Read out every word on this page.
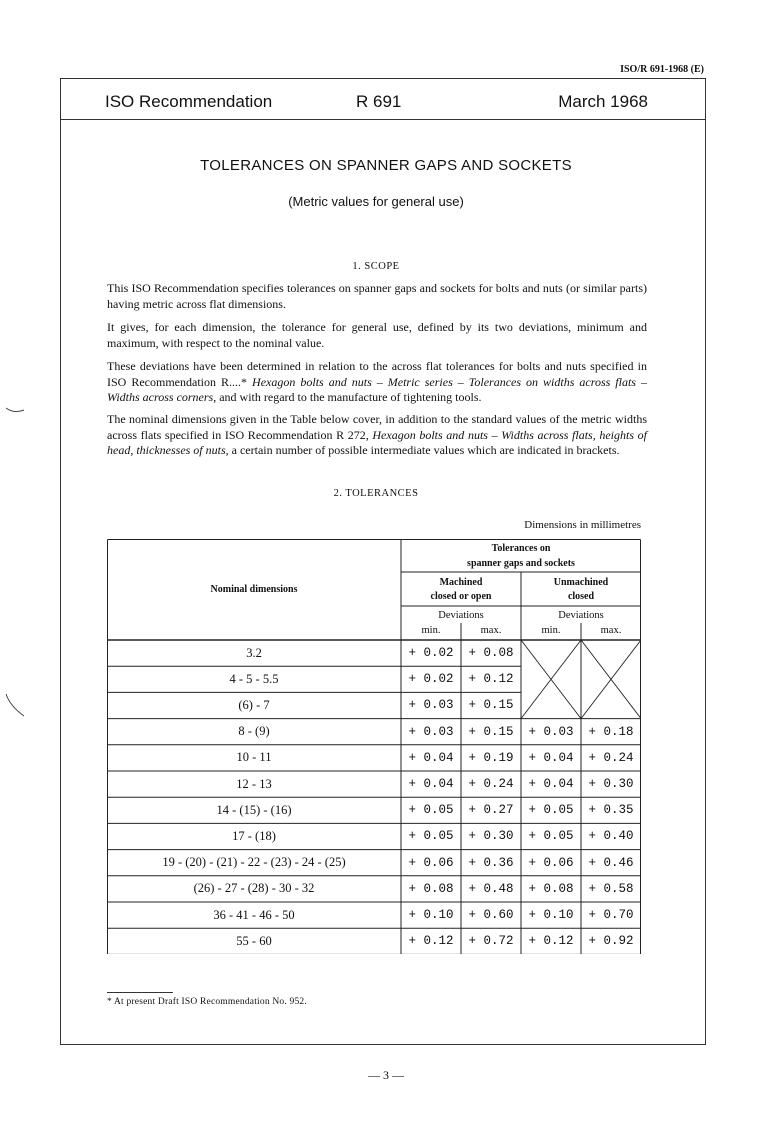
ISO/R 691-1968 (E)
ISO Recommendation	R 691	March 1968
TOLERANCES ON SPANNER GAPS AND SOCKETS
(Metric values for general use)
1. SCOPE
This ISO Recommendation specifies tolerances on spanner gaps and sockets for bolts and nuts (or similar parts) having metric across flat dimensions.
It gives, for each dimension, the tolerance for general use, defined by its two deviations, minimum and maximum, with respect to the nominal value.
These deviations have been determined in relation to the across flat tolerances for bolts and nuts specified in ISO Recommendation R....* Hexagon bolts and nuts – Metric series – Tolerances on widths across flats – Widths across corners, and with regard to the manufacture of tightening tools.
The nominal dimensions given in the Table below cover, in addition to the standard values of the metric widths across flats specified in ISO Recommendation R 272, Hexagon bolts and nuts – Widths across flats, heights of head, thicknesses of nuts, a certain number of possible intermediate values which are indicated in brackets.
2. TOLERANCES
Dimensions in millimetres
Nominal dimensions
Tolerances on
spanner gaps and sockets
Machined
closed or open
Unmachined
closed
Deviations	Deviations
min.	max.	min.	max.
3.2	+ 0.02	+ 0.08
4 - 5 - 5.5	+ 0.02	+ 0.12
(6) - 7	+ 0.03	+ 0.15
8 - (9)	+ 0.03	+ 0.15	+ 0.03	+ 0.18
10 - 11	+ 0.04	+ 0.19	+ 0.04	+ 0.24
12 - 13	+ 0.04	+ 0.24	+ 0.04	+ 0.30
14 - (15) - (16)	+ 0.05	+ 0.27	+ 0.05	+ 0.35
17 - (18)	+ 0.05	+ 0.30	+ 0.05	+ 0.40
19 - (20) - (21) - 22 - (23) - 24 - (25)	+ 0.06	+ 0.36	+ 0.06	+ 0.46
(26) - 27 - (28) - 30 - 32	+ 0.08	+ 0.48	+ 0.08	+ 0.58
36 - 41 - 46 - 50	+ 0.10	+ 0.60	+ 0.10	+ 0.70
55 - 60	+ 0.12	+ 0.72	+ 0.12	+ 0.92
* At present Draft ISO Recommendation No. 952.
— 3 —
